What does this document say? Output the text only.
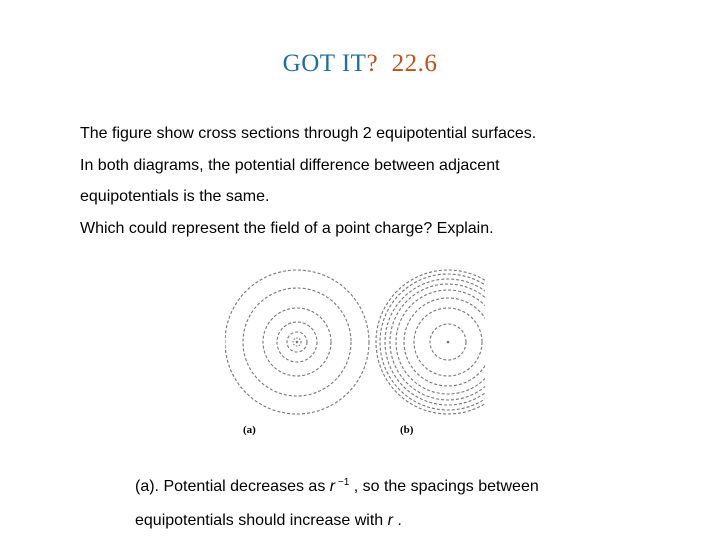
GOT IT? 22.6
The figure show cross sections through 2 equipotential surfaces.
In both diagrams, the potential difference between adjacent
equipotentials is the same.
Which could represent the field of a point charge? Explain.
(a)	(b)
(a). Potential decreases as r $^{-1}$ , so the spacings between
equipotentials should increase with r .
